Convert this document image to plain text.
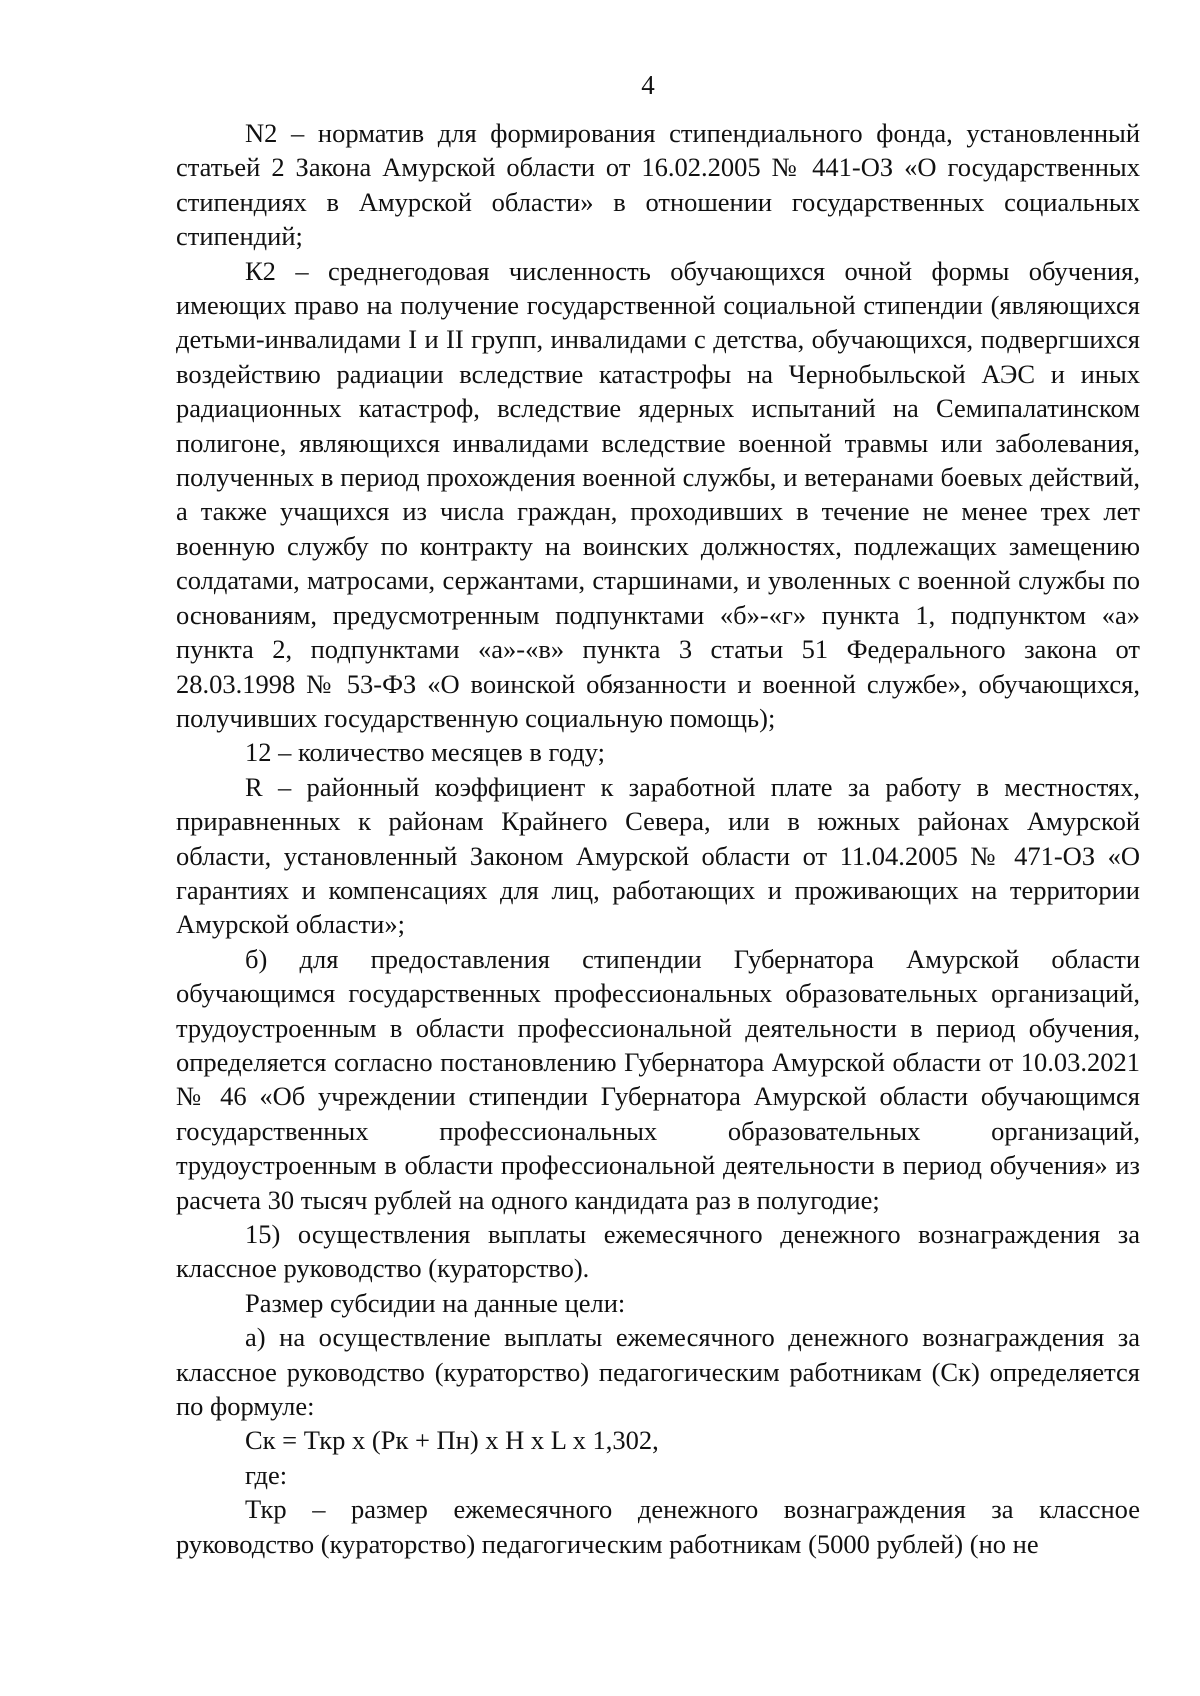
4

N2 – норматив для формирования стипендиального фонда, установленный статьей 2 Закона Амурской области от 16.02.2005 № 441-ОЗ «О государственных стипендиях в Амурской области» в отношении государственных социальных стипендий;

К2 – среднегодовая численность обучающихся очной формы обучения, имеющих право на получение государственной социальной стипендии (являющихся детьми-инвалидами I и II групп, инвалидами с детства, обучающихся, подвергшихся воздействию радиации вследствие катастрофы на Чернобыльской АЭС и иных радиационных катастроф, вследствие ядерных испытаний на Семипалатинском полигоне, являющихся инвалидами вследствие военной травмы или заболевания, полученных в период прохождения военной службы, и ветеранами боевых действий, а также учащихся из числа граждан, проходивших в течение не менее трех лет военную службу по контракту на воинских должностях, подлежащих замещению солдатами, матросами, сержантами, старшинами, и уволенных с военной службы по основаниям, предусмотренным подпунктами «б»-«г» пункта 1, подпунктом «а» пункта 2, подпунктами «а»-«в» пункта 3 статьи 51 Федерального закона от 28.03.1998 № 53-ФЗ «О воинской обязанности и военной службе», обучающихся, получивших государственную социальную помощь);

12 – количество месяцев в году;

R – районный коэффициент к заработной плате за работу в местностях, приравненных к районам Крайнего Севера, или в южных районах Амурской области, установленный Законом Амурской области от 11.04.2005 № 471-ОЗ «О гарантиях и компенсациях для лиц, работающих и проживающих на территории Амурской области»;

б) для предоставления стипендии Губернатора Амурской области обучающимся государственных профессиональных образовательных организаций, трудоустроенным в области профессиональной деятельности в период обучения, определяется согласно постановлению Губернатора Амурской области от 10.03.2021 № 46 «Об учреждении стипендии Губернатора Амурской области обучающимся государственных профессиональных образовательных организаций, трудоустроенным в области профессиональной деятельности в период обучения» из расчета 30 тысяч рублей на одного кандидата раз в полугодие;

15) осуществления выплаты ежемесячного денежного вознаграждения за классное руководство (кураторство).

Размер субсидии на данные цели:

а) на осуществление выплаты ежемесячного денежного вознаграждения за классное руководство (кураторство) педагогическим работникам (Ск) определяется по формуле:

Ск = Ткр х (Рк + Пн) х Н х L х 1,302,

где:

Ткр – размер ежемесячного денежного вознаграждения за классное руководство (кураторство) педагогическим работникам (5000 рублей) (но не
